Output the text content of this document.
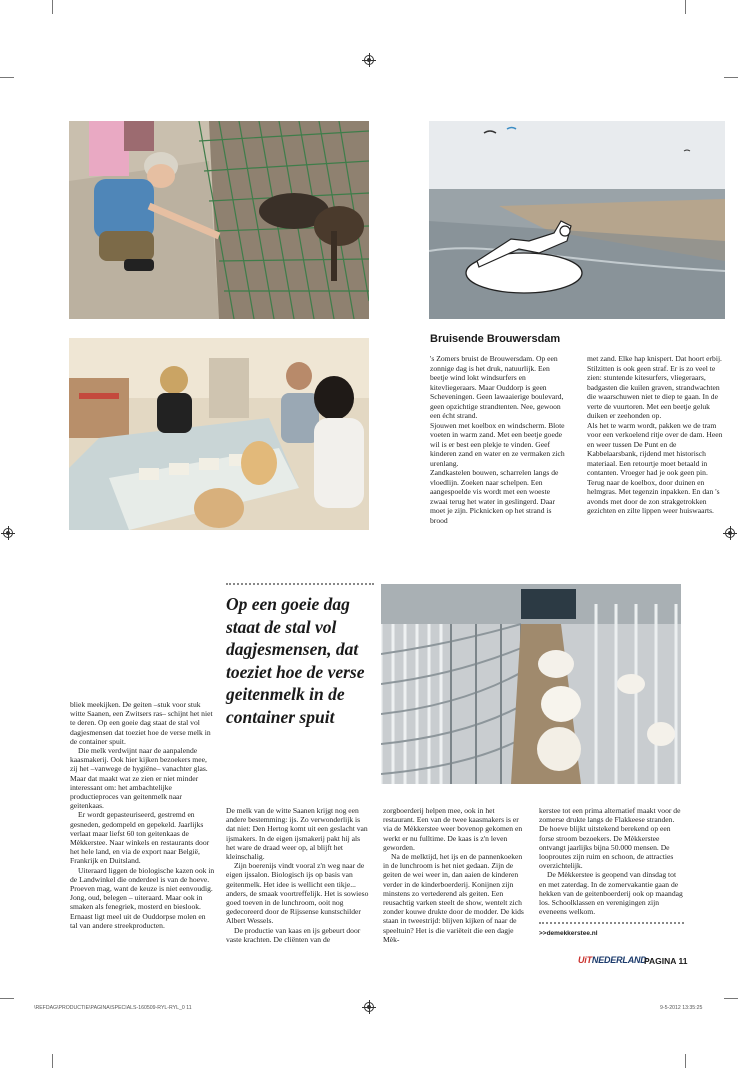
Bruisende Brouwersdam

's Zomers bruist de Brouwersdam. Op een zonnige dag is het druk, natuurlijk. Een beetje wind lokt windsurfers en kitevliegeraars. Maar Ouddorp is geen Scheveningen. Geen lawaaierige boulevard, geen opzichtige strandtenten. Nee, gewoon een écht strand.

Sjouwen met koelbox en windscherm. Blote voeten in warm zand. Met een beetje goede wil is er best een plekje te vinden. Geef kinderen zand en water en ze vermaken zich urenlang.

Zandkastelen bouwen, scharrelen langs de vloedlijn. Zoeken naar schelpen. Een aangespoelde vis wordt met een woeste zwaai terug het water in geslingerd. Daar moet je zijn. Picknicken op het strand is brood

met zand. Elke hap knispert. Dat hoort erbij. Stilzitten is ook geen straf. Er is zo veel te zien: stuntende kitesurfers, vliegeraars, badgasten die kuilen graven, strandwachten die waarschuwen niet te diep te gaan. In de verte de vuurtoren. Met een beetje geluk duiken er zeehonden op.

Als het te warm wordt, pakken we de tram voor een verkoelend ritje over de dam. Heen en weer tussen De Punt en de Kabbelaarsbank, rijdend met historisch materiaal. Een retourtje moet betaald in contanten. Vroeger had je ook geen pin.

Terug naar de koelbox, door duinen en helmgras. Met tegenzin inpakken. En dan 's avonds met door de zon strakgetrokken gezichten en zilte lippen weer huiswaarts.

Op een goeie dag staat de stal vol dagjesmensen, dat toeziet hoe de verse geitenmelk in de container spuit

bliek meekijken. De geiten –stuk voor stuk witte Saanen, een Zwitsers ras– schijnt het niet te deren. Op een goeie dag staat de stal vol dagjesmensen dat toeziet hoe de verse melk in de container spuit.

Die melk verdwijnt naar de aanpalende kaasmakerij. Ook hier kijken bezoekers mee, zij het –vanwege de hygiëne– vanachter glas. Maar dat maakt wat ze zien er niet minder interessant om: het ambachtelijke productieproces van geitenmelk naar geitenkaas.

Er wordt gepasteuriseerd, gestremd en gesneden, gedompeld en gepekeld. Jaarlijks verlaat maar liefst 60 ton geitenkaas de Mèkkerstee. Naar winkels en restaurants door het hele land, en via de export naar België, Frankrijk en Duitsland.

Uiteraard liggen de biologische kazen ook in de Landwinkel die onderdeel is van de hoeve. Proeven mag, want de keuze is niet eenvoudig. Jong, oud, belegen – uiteraard. Maar ook in smaken als fenegriek, mosterd en bieslook. Ernaast ligt meel uit de Ouddorpse molen en tal van andere streekproducten.

De melk van de witte Saanen krijgt nog een andere bestemming: ijs. Zo verwonderlijk is dat niet: Den Hertog komt uit een geslacht van ijsmakers. In de eigen ijsmakerij pakt hij als het ware de draad weer op, al blijft het kleinschalig.

Zijn boerenijs vindt vooral z'n weg naar de eigen ijssalon. Biologisch ijs op basis van geitenmelk. Het idee is wellicht een tikje... anders, de smaak voortreffelijk. Het is sowieso goed toeven in de lunchroom, ooit nog gedecoreerd door de Rijssense kunstschilder Albert Wessels.

De productie van kaas en ijs gebeurt door vaste krachten. De cliënten van de

zorgboerderij helpen mee, ook in het restaurant. Een van de twee kaasmakers is er via de Mèkkerstee weer bovenop gekomen en werkt er nu fulltime. De kaas is z'n leven geworden.

Na de melktijd, het ijs en de pannenkoeken in de lunchroom is het niet gedaan. Zijn de geiten de wei weer in, dan aaien de kinderen verder in de kinderboerderij. Konijnen zijn minstens zo vertederend als geiten. Een reusachtig varken steelt de show, wentelt zich zonder kouwe drukte door de modder. De kids staan in tweestrijd: blijven kijken of naar de speeltuin? Het is die variëteit die een dagje Mèk-

kerstee tot een prima alternatief maakt voor de zomerse drukte langs de Flakkeese stranden. De hoeve blijkt uitstekend berekend op een forse stroom bezoekers. De Mèkkerstee ontvangt jaarlijks bijna 50.000 mensen. De looproutes zijn ruim en schoon, de attracties overzichtelijk.

De Mèkkerstee is geopend van dinsdag tot en met zaterdag. In de zomervakantie gaan de hekken van de geitenboerderij ook op maandag los. Schoolklassen en verenigingen zijn eveneens welkom.

>>demekkerstee.nl
UiTNEDERLAND
PAGINA 11
\REFDAG\PRODUCTIE\PAGINA\SPECIALS-160509-RYL-RYL_0 11	9-5-2012 13:35:25
